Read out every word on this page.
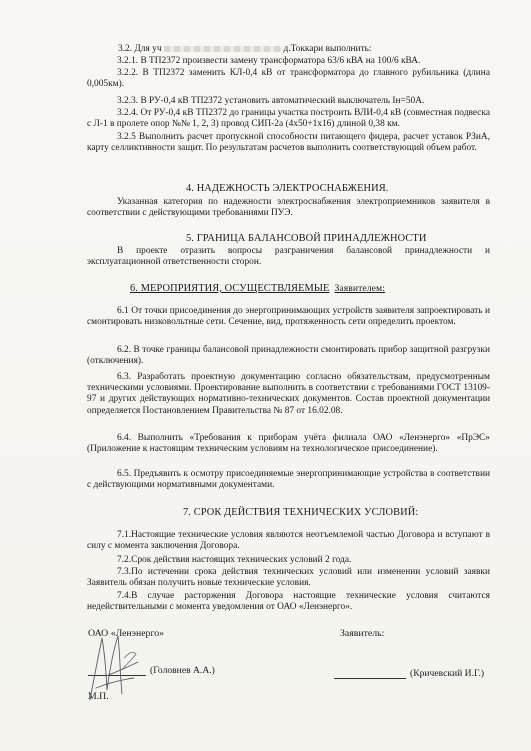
3.2. Для уч	д.Токкари выполнить:
3.2.1. В ТП2372 произвести замену трансформатора 63/6 кВА на 100/6 кВА.
3.2.2. В ТП2372 заменить КЛ-0,4 кВ от трансформатора до главного рубильника (длина 0,005км).
3.2.3. В РУ-0,4 кВ ТП2372 установить автоматический выключатель Iн=50А.
3.2.4. От РУ-0,4 кВ ТП2372 до границы участка построить ВЛИ-0,4 кВ (совместная подвеска с Л-1 в пролете опор №№ 1, 2, 3) провод СИП-2а (4х50+1х16) длиной 0,38 км.
3.2.5 Выполнить расчет пропускной способности питающего фидера, расчет уставок РЗиА, карту селликтивности защит. По результатам расчетов выполнить соответствующий объем работ.
4. НАДЕЖНОСТЬ ЭЛЕКТРОСНАБЖЕНИЯ.
Указанная категория по надежности электроснабжения электроприемников заявителя в соответствии с действующими требованиями ПУЭ.
5. ГРАНИЦА БАЛАНСОВОЙ ПРИНАДЛЕЖНОСТИ
В проекте отразить вопросы разграничения балансовой принадлежности и эксплуатационной ответственности сторон.
6. МЕРОПРИЯТИЯ, ОСУЩЕСТВЛЯЕМЫЕ Заявителем:
6.1 От точки присоединения до энергопринимающих устройств заявителя запроектировать и смонтировать низковольтные сети. Сечение, вид, протяженность сети определить проектом.
6.2. В точке границы балансовой принадлежности смонтировать прибор защитной разгрузки (отключения).
6.3. Разработать проектную документацию согласно обязательствам, предусмотренным техническими условиями. Проектирование выполнить в соответствии с требованиями ГОСТ 13109-97 и других действующих нормативно-технических документов. Состав проектной документации определяется Постановлением Правительства № 87 от 16.02.08.
6.4. Выполнить «Требования к приборам учёта филиала ОАО «Ленэнерго» «ПрЭС» (Приложение к настоящим техническим условиям на технологическое присоединение).
6.5. Предъявить к осмотру присоединяемые энергопринимающие устройства в соответствии с действующими нормативными документами.
7. СРОК ДЕЙСТВИЯ ТЕХНИЧЕСКИХ УСЛОВИЙ:
7.1.Настоящие технические условия являются неотъемлемой частью Договора и вступают в силу с момента заключения Договора.
7.2.Срок действия настоящих технических условий 2 года.
7.3.По истечении срока действия технических условий или изменении условий заявки Заявитель обязан получить новые технические условия.
7.4.В случае расторжения Договора настоящие технические условия считаются недействительными с момента уведомления от ОАО «Ленэнерго».
ОАО «Ленэнерго»	Заявитель:
(Головнев А.А.)	(Кричевский И.Г.)
М.П.
